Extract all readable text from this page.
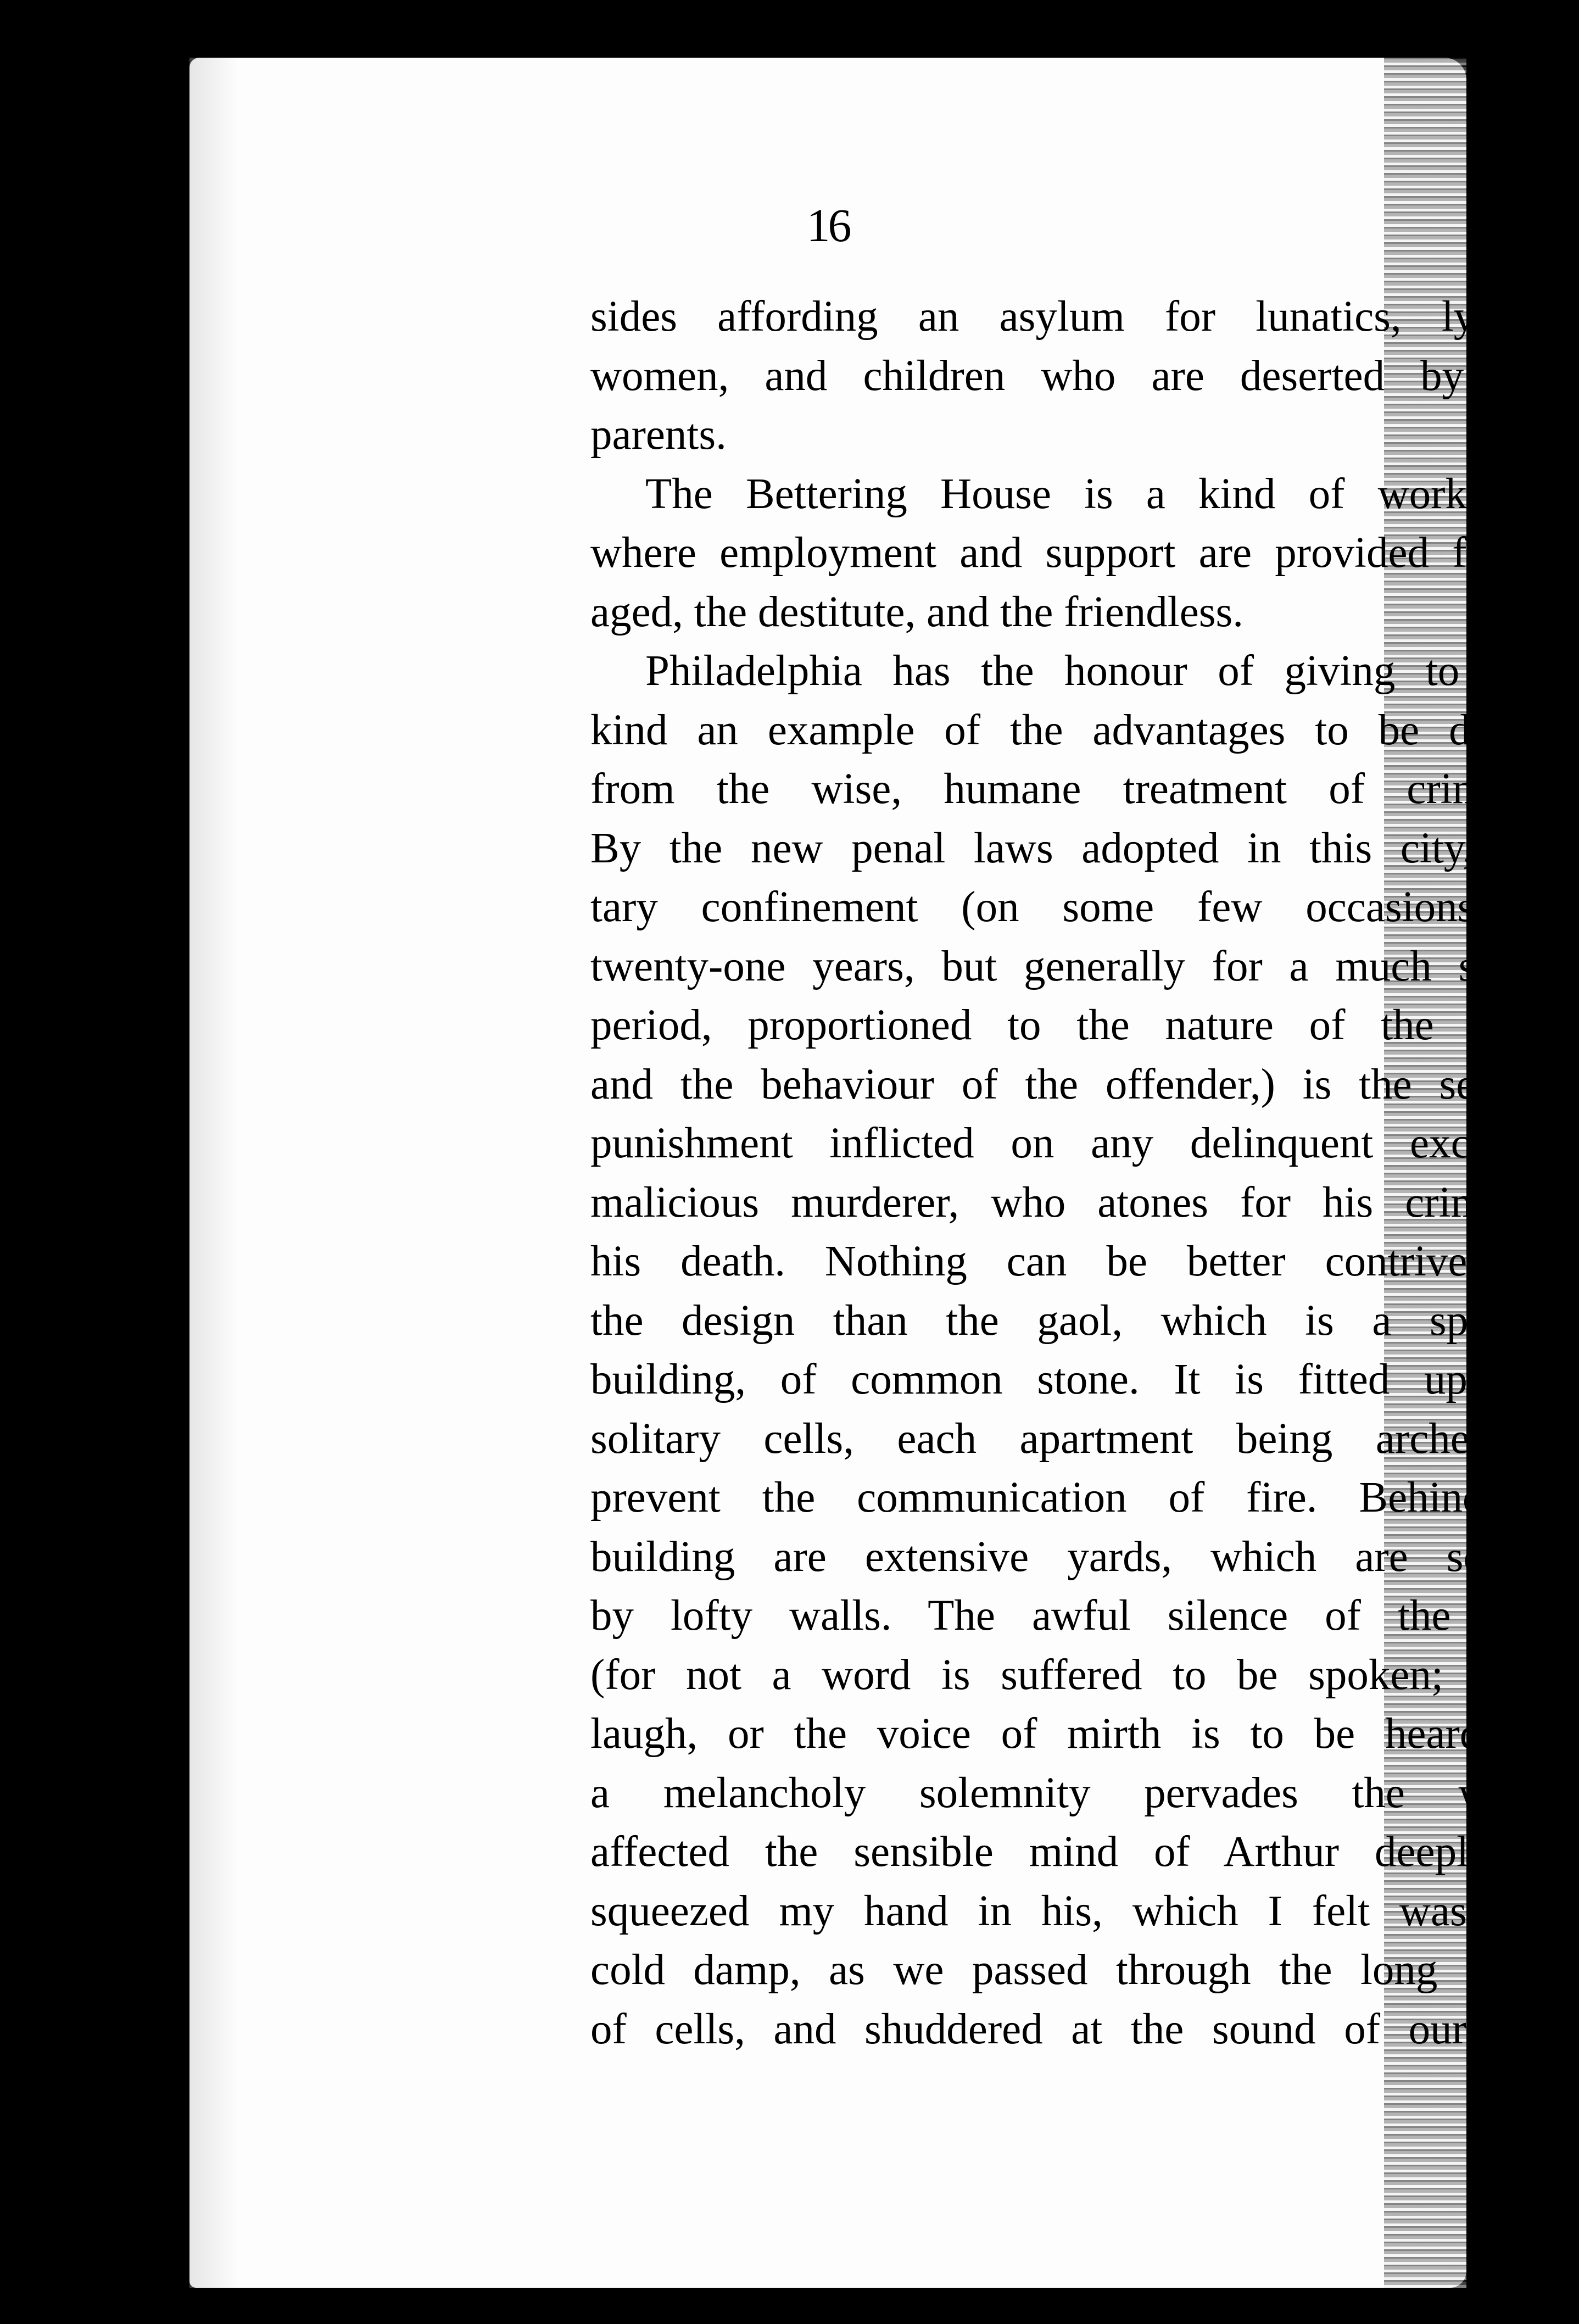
16
sides affording an asylum for lunatics, lying-in
women, and children who are deserted by their
parents.
The Bettering House is a kind of workhouse,
where employment and support are provided for the
aged, the destitute, and the friendless.
Philadelphia has the honour of giving to man-
kind an example of the advantages to be derived
from the wise, humane treatment of criminals.
By the new penal laws adopted in this city, soli-
tary confinement (on some few occasions, for
twenty-one years, but generally for a much shorter
period, proportioned to the nature of the crime,
and the behaviour of the offender,) is the severest
punishment inflicted on any delinquent except a
malicious murderer, who atones for his crime by
his death. Nothing can be better contrived for
the design than the gaol, which is a spacious
building, of common stone. It is fitted up with
solitary cells, each apartment being arched, to
prevent the communication of fire. Behind the
building are extensive yards, which are secured
by lofty walls. The awful silence of the place
(for not a word is suffered to be spoken; not a
laugh, or the voice of mirth is to be heard; but
a melancholy solemnity pervades the whole)
affected the sensible mind of Arthur deeply; he
squeezed my hand in his, which I felt was in a
cold damp, as we passed through the long ranges
of cells, and shuddered at the sound of our foot-
steps,
